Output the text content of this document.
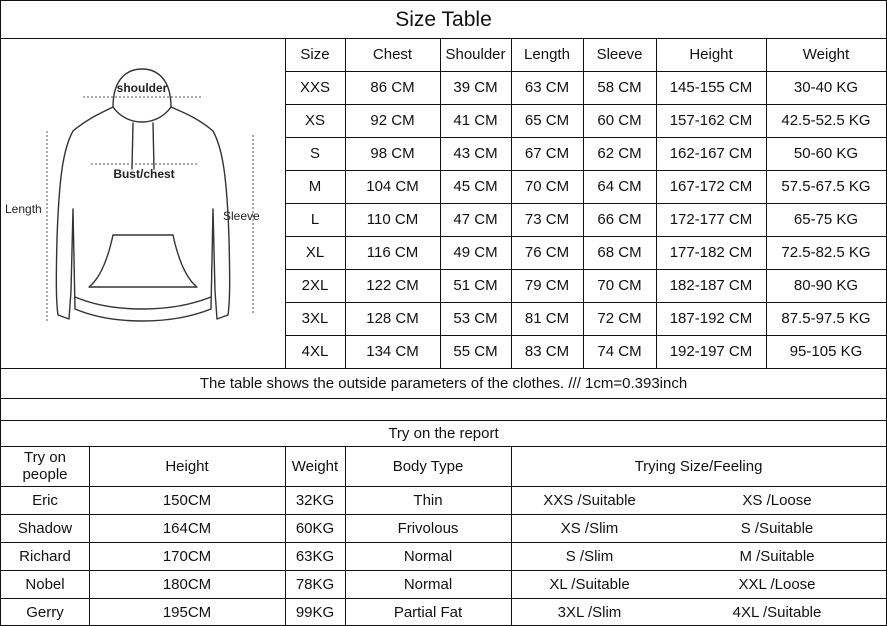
Size Table
shoulder
Bust/chest
Length	Sleeve
Size	Chest	Shoulder	Length	Sleeve	Height	Weight
XXS	86 CM	39 CM	63 CM	58 CM	145-155 CM	30-40 KG
XS	92 CM	41 CM	65 CM	60 CM	157-162 CM	42.5-52.5 KG
S	98 CM	43 CM	67 CM	62 CM	162-167 CM	50-60 KG
M	104 CM	45 CM	70 CM	64 CM	167-172 CM	57.5-67.5 KG
L	110 CM	47 CM	73 CM	66 CM	172-177 CM	65-75 KG
XL	116 CM	49 CM	76 CM	68 CM	177-182 CM	72.5-82.5 KG
2XL	122 CM	51 CM	79 CM	70 CM	182-187 CM	80-90 KG
3XL	128 CM	53 CM	81 CM	72 CM	187-192 CM	87.5-97.5 KG
4XL	134 CM	55 CM	83 CM	74 CM	192-197 CM	95-105 KG
The table shows the outside parameters of the clothes. /// 1cm=0.393inch
Try on the report
Try on people	Height	Weight	Body Type	Trying Size/Feeling
Eric	150CM	32KG	Thin	XXS /Suitable	XS /Loose
Shadow	164CM	60KG	Frivolous	XS /Slim	S /Suitable
Richard	170CM	63KG	Normal	S /Slim	M /Suitable
Nobel	180CM	78KG	Normal	XL /Suitable	XXL /Loose
Gerry	195CM	99KG	Partial Fat	3XL /Slim	4XL /Suitable
